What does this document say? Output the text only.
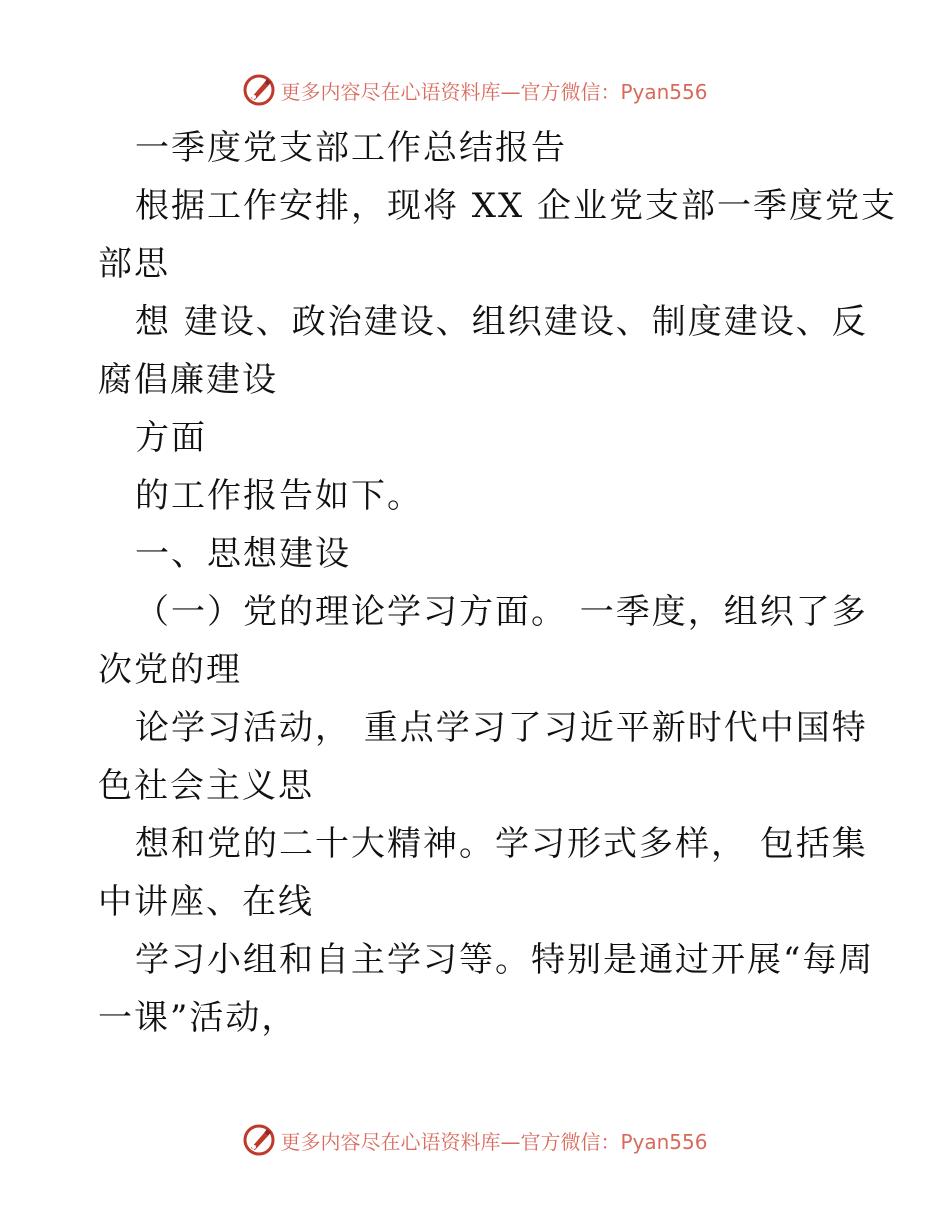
更多内容尽在心语资料库—官方微信：Pyan556
一季度党支部工作总结报告
根据工作安排，现将 XX 企业党支部一季度党支
部思
想 建设、政治建设、组织建设、制度建设、反
腐倡廉建设
方面
的工作报告如下。
一、思想建设
（一）党的理论学习方面。 一季度，组织了多
次党的理
论学习活动， 重点学习了习近平新时代中国特
色社会主义思
想和党的二十大精神。学习形式多样， 包括集
中讲座、在线
学习小组和自主学习等。特别是通过开展“每周
一课”活动，
更多内容尽在心语资料库—官方微信：Pyan556
